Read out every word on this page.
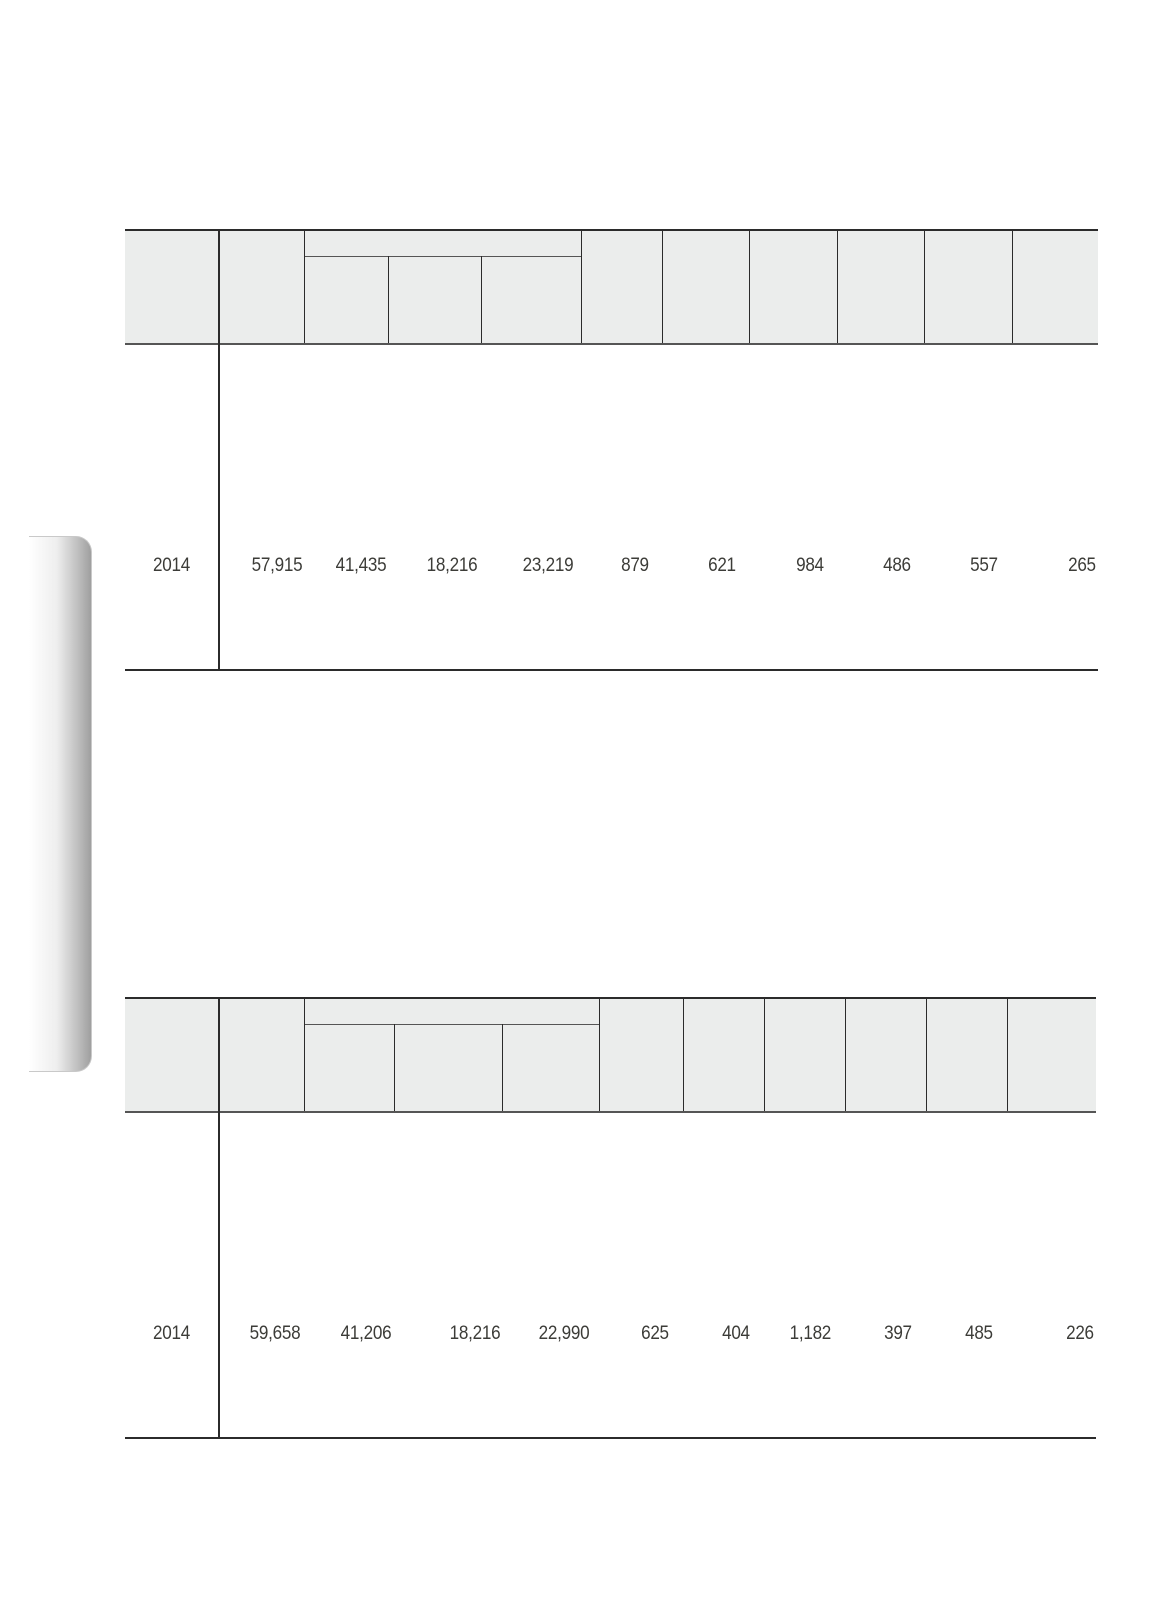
2014	57,915 41,435 18,216 23,219	879	621	984	486	557	265
2014	59,658 41,206	18,216 22,990	625	404 1,182	397	485	226
